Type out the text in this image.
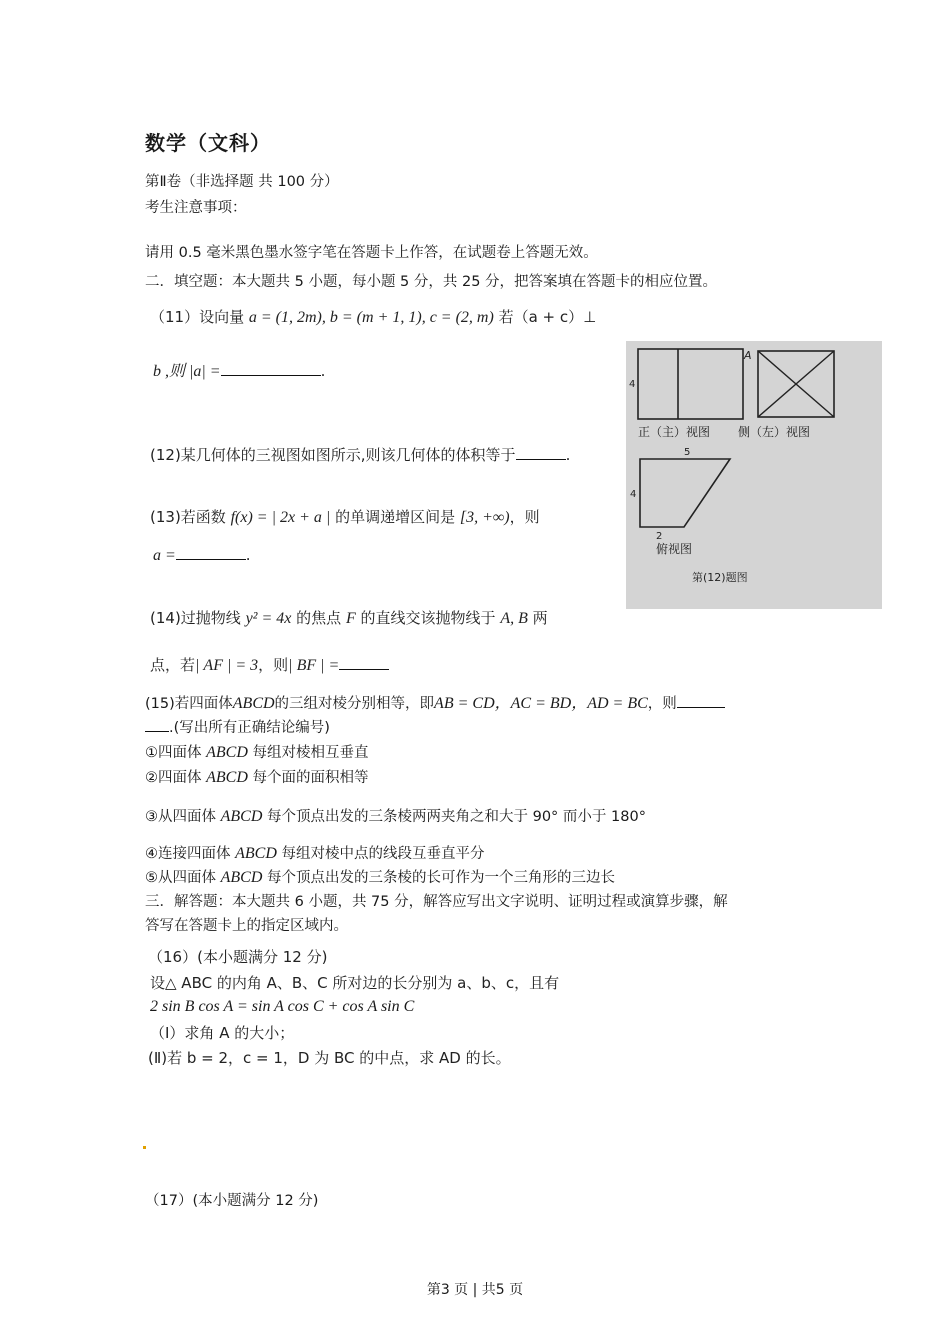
数学（文科）
第Ⅱ卷（非选择题 共 100 分）
考生注意事项：
请用 0.5 毫米黑色墨水签字笔在答题卡上作答，在试题卷上答题无效。
二．填空题：本大题共 5 小题，每小题 5 分，共 25 分，把答案填在答题卡的相应位置。
（11）设向量 a = (1, 2m), b = (m + 1, 1), c = (2, m) 若（a + c）⊥
b ,则 |a| =	.
4
正（主）视图
A
侧（左）视图
5
4
2
俯视图
第(12)题图
(12)某几何体的三视图如图所示,则该几何体的体积等于	.
(13)若函数 f(x) = | 2x + a | 的单调递增区间是 [3, +∞)，则
a =	.
(14)过抛物线 y² = 4x 的焦点 F 的直线交该抛物线于 A, B 两
点，若| AF | = 3，则| BF | =
(15)若四面体ABCD的三组对棱分别相等，即AB = CD，AC = BD，AD = BC，则
.(写出所有正确结论编号)
①四面体 ABCD 每组对棱相互垂直
②四面体 ABCD 每个面的面积相等
③从四面体 ABCD 每个顶点出发的三条棱两两夹角之和大于 90° 而小于 180°
④连接四面体 ABCD 每组对棱中点的线段互垂直平分
⑤从四面体 ABCD 每个顶点出发的三条棱的长可作为一个三角形的三边长
三．解答题：本大题共 6 小题，共 75 分，解答应写出文字说明、证明过程或演算步骤，解
答写在答题卡上的指定区域内。
（16）(本小题满分 12 分)
设△ ABC 的内角 A、B、C 所对边的长分别为 a、b、c，且有
2 sin B cos A = sin A cos C + cos A sin C
（Ⅰ）求角 A 的大小；
(Ⅱ)若 b = 2，c = 1，D 为 BC 的中点，求 AD 的长。
（17）(本小题满分 12 分)
第3 页 | 共5 页
